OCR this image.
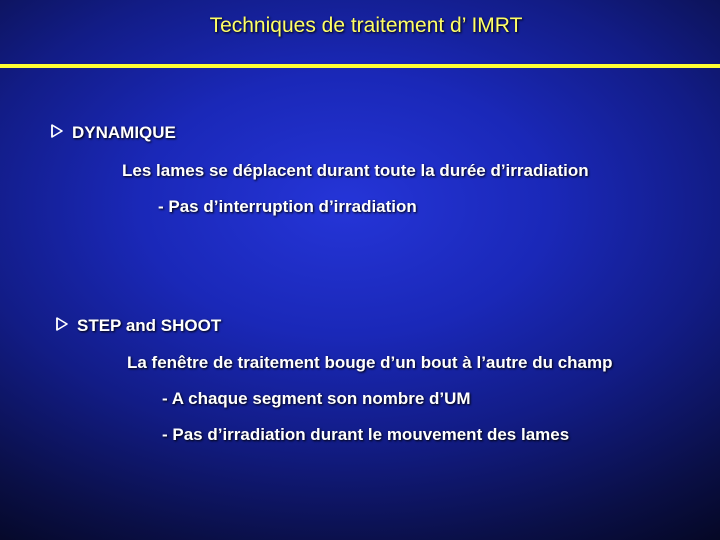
Techniques de traitement d’ IMRT
DYNAMIQUE
Les lames se déplacent durant toute la durée d’irradiation
- Pas d’interruption d’irradiation
STEP and SHOOT
La fenêtre de traitement bouge d’un bout à l’autre du champ
- A chaque segment son nombre d’UM
- Pas d’irradiation durant le mouvement des lames
